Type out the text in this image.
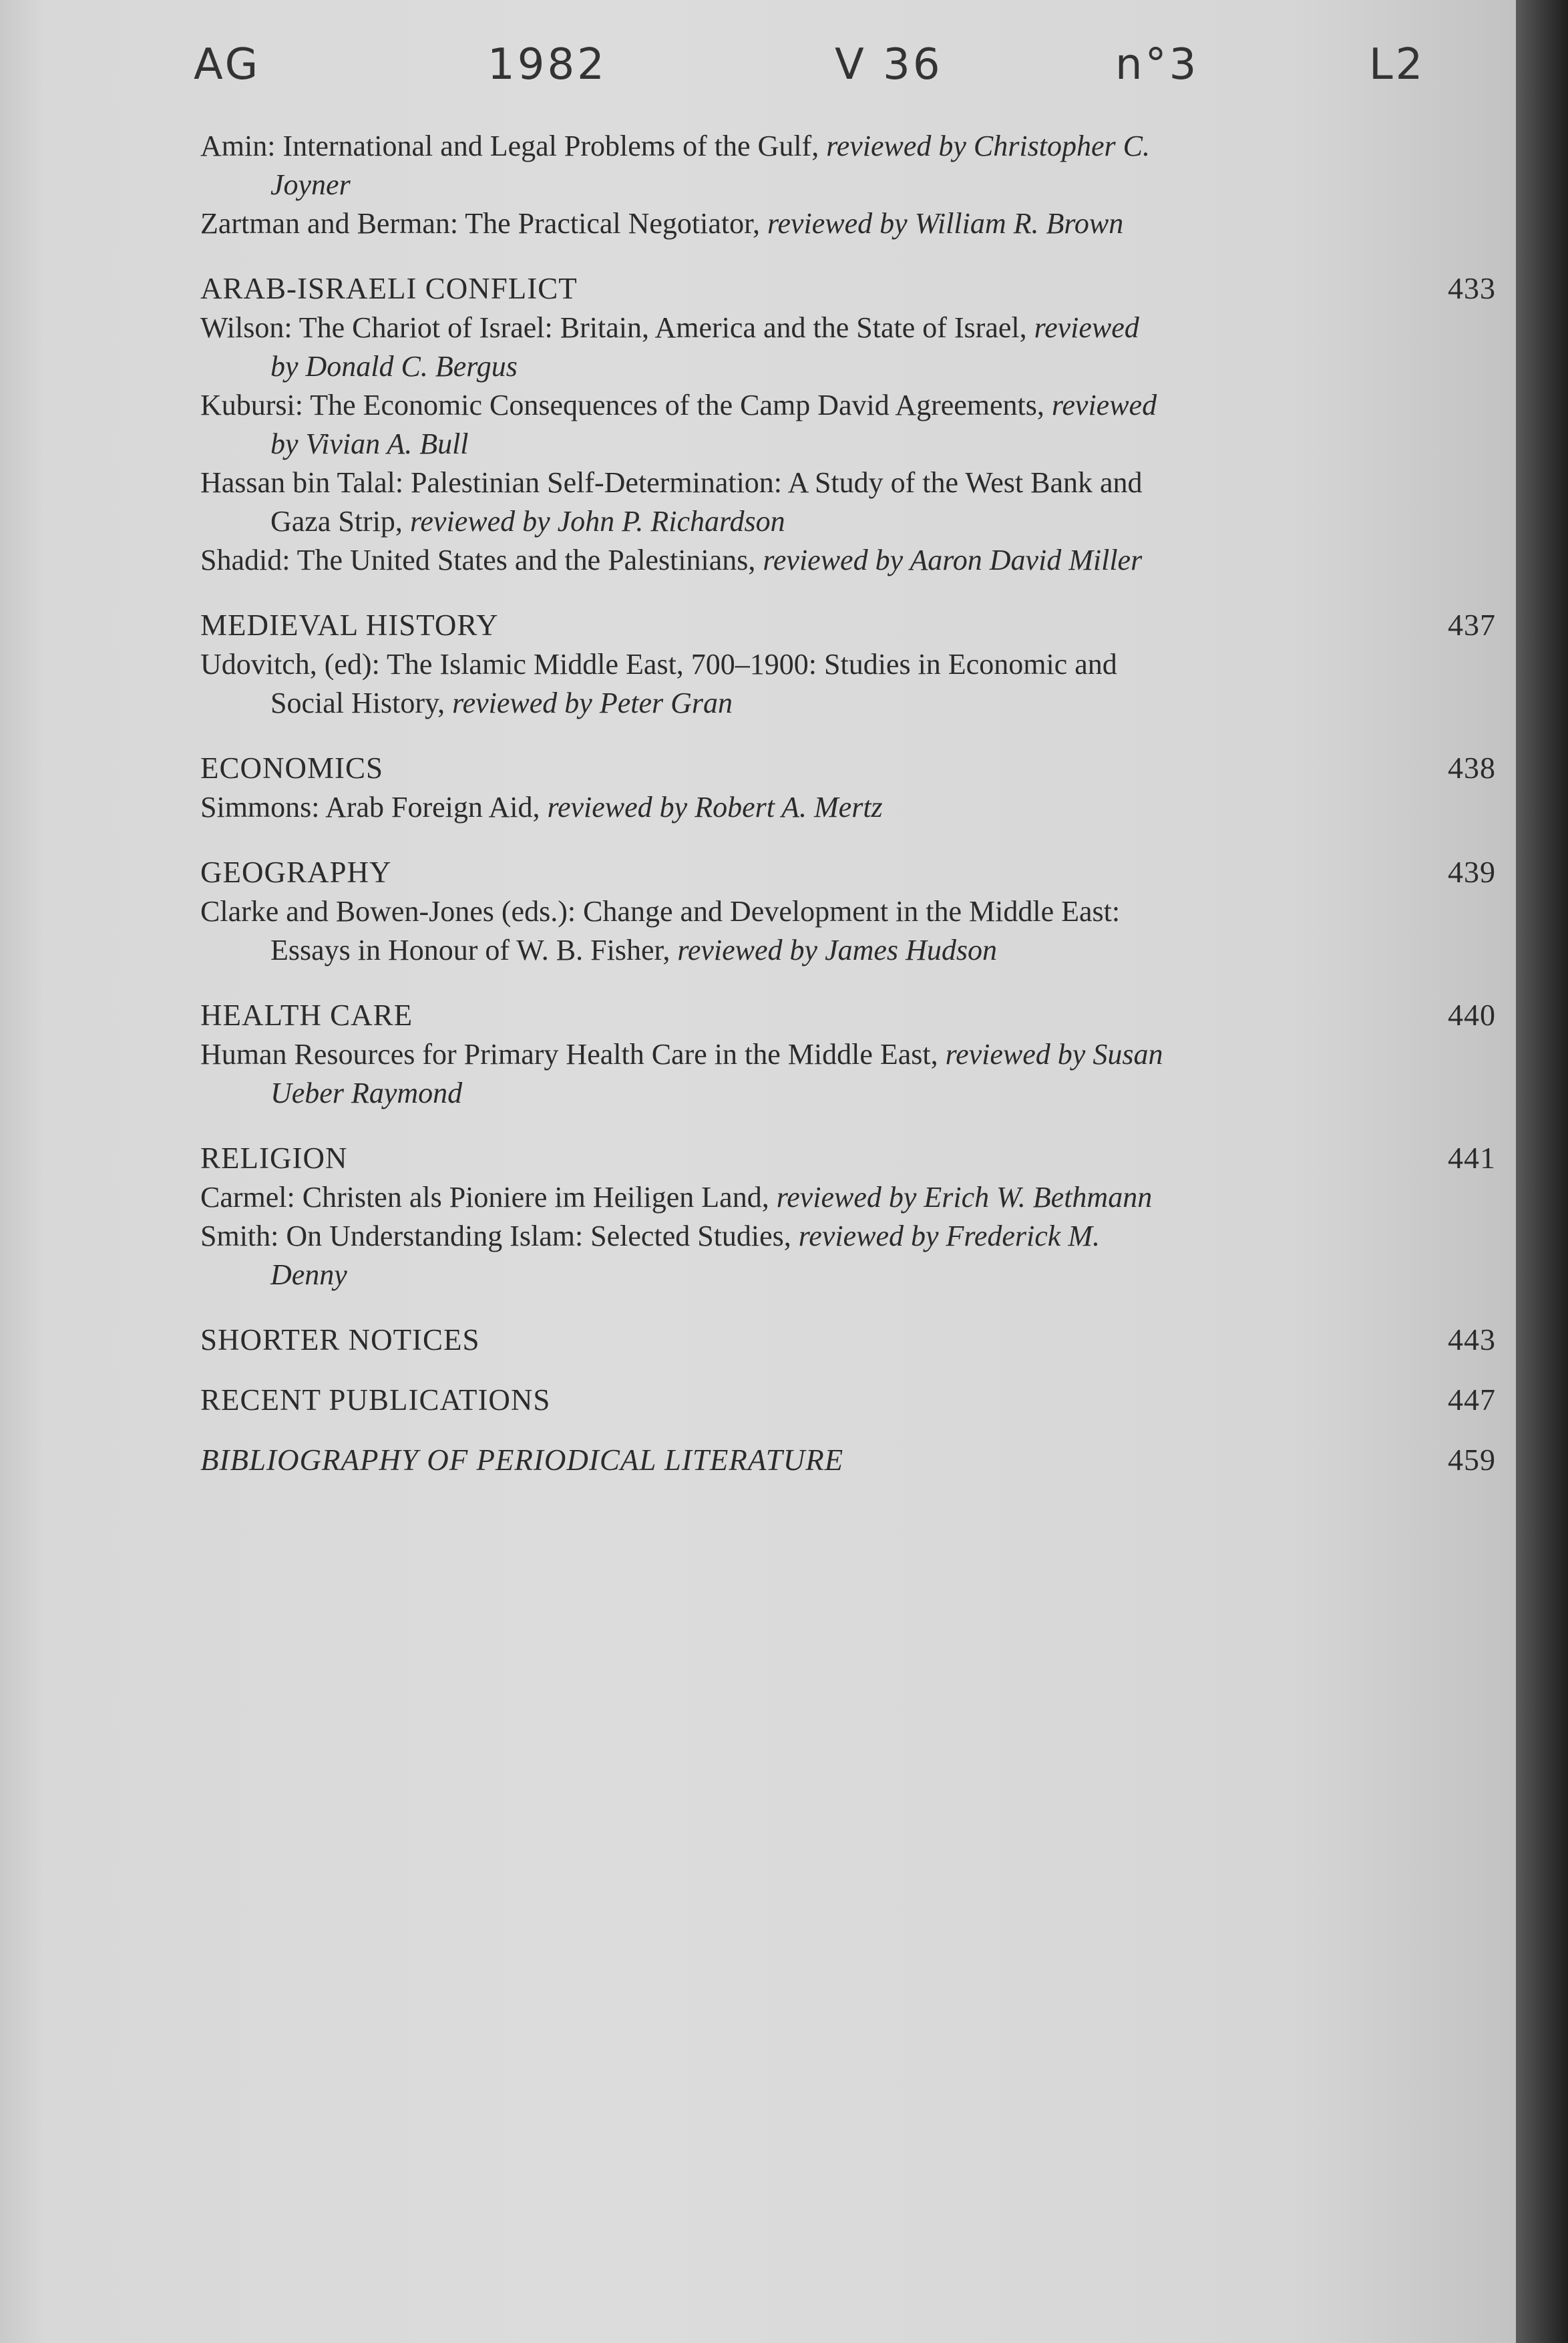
AG	1982	V 36	n°3	L2
Amin: International and Legal Problems of the Gulf, reviewed by Christopher C.
Joyner
Zartman and Berman: The Practical Negotiator, reviewed by William R. Brown
ARAB-ISRAELI CONFLICT	433
Wilson: The Chariot of Israel: Britain, America and the State of Israel, reviewed
by Donald C. Bergus
Kubursi: The Economic Consequences of the Camp David Agreements, reviewed
by Vivian A. Bull
Hassan bin Talal: Palestinian Self-Determination: A Study of the West Bank and
Gaza Strip, reviewed by John P. Richardson
Shadid: The United States and the Palestinians, reviewed by Aaron David Miller
MEDIEVAL HISTORY	437
Udovitch, (ed): The Islamic Middle East, 700–1900: Studies in Economic and
Social History, reviewed by Peter Gran
ECONOMICS	438
Simmons: Arab Foreign Aid, reviewed by Robert A. Mertz
GEOGRAPHY	439
Clarke and Bowen-Jones (eds.): Change and Development in the Middle East:
Essays in Honour of W. B. Fisher, reviewed by James Hudson
HEALTH CARE	440
Human Resources for Primary Health Care in the Middle East, reviewed by Susan
Ueber Raymond
RELIGION	441
Carmel: Christen als Pioniere im Heiligen Land, reviewed by Erich W. Bethmann
Smith: On Understanding Islam: Selected Studies, reviewed by Frederick M.
Denny
SHORTER NOTICES	443
RECENT PUBLICATIONS	447
BIBLIOGRAPHY OF PERIODICAL LITERATURE	459
